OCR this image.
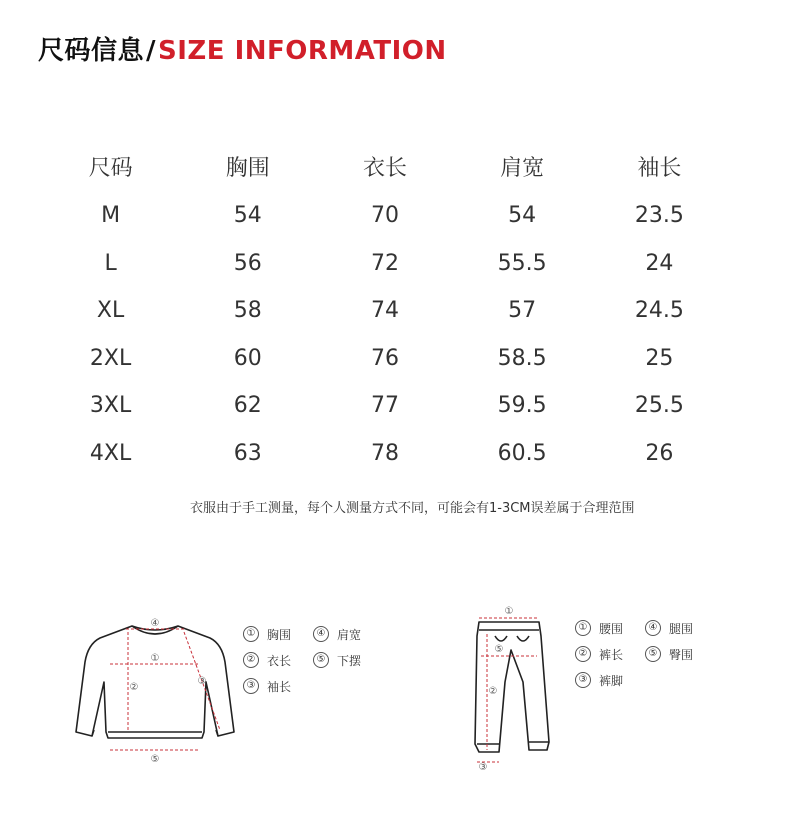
尺码信息/SIZE INFORMATION
尺码	胸围	衣长	肩宽	袖长
M	54	70	54	23.5
L	56	72	55.5	24
XL	58	74	57	24.5
2XL	60	76	58.5	25
3XL	62	77	59.5	25.5
4XL	63	78	60.5	26
衣服由于手工测量，每个人测量方式不同，可能会有1-3CM误差属于合理范围
④
①
②
③
⑤
① 胸围	④ 肩宽
② 衣长	⑤ 下摆
③ 袖长
①
⑤
②
③
① 腰围	④ 腿围
② 裤长	⑤ 臀围
③ 裤脚
